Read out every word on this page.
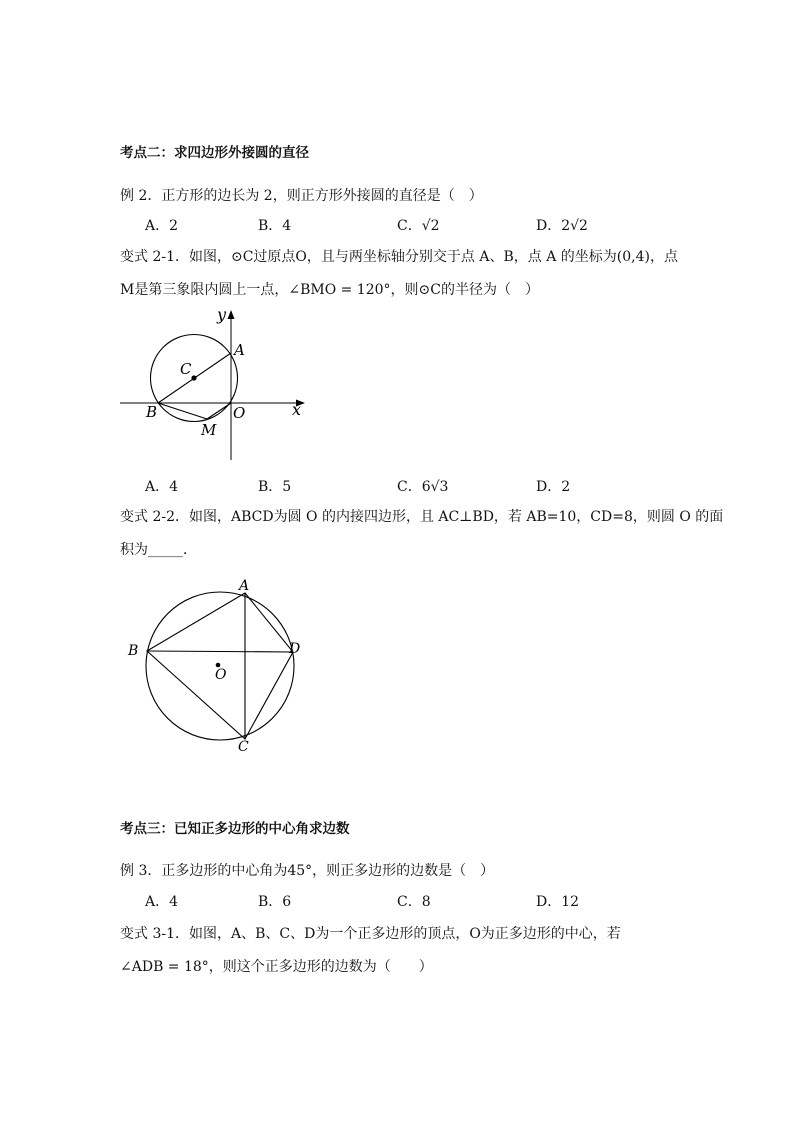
考点二：求四边形外接圆的直径
例 2．正方形的边长为 2，则正方形外接圆的直径是（　）
A．2	B．4	C．√2	D．2√2
变式 2-1．如图，⊙C过原点O，且与两坐标轴分别交于点 A、B，点 A 的坐标为(0,4)，点
M是第三象限内圆上一点，∠BMO = 120°，则⊙C的半径为（　）
y
x
A
C
B	O
M
A．4	B．5	C．6√3	D．2
变式 2-2．如图，ABCD为圆 O 的内接四边形，且 AC⊥BD，若 AB=10，CD=8，则圆 O 的面
积为_____．
A
B
C
D
O
考点三：已知正多边形的中心角求边数
例 3．正多边形的中心角为45°，则正多边形的边数是（　）
A．4	B．6	C．8	D．12
变式 3-1．如图，A、B、C、D为一个正多边形的顶点，O为正多边形的中心，若
∠ADB = 18°，则这个正多边形的边数为（　　）
